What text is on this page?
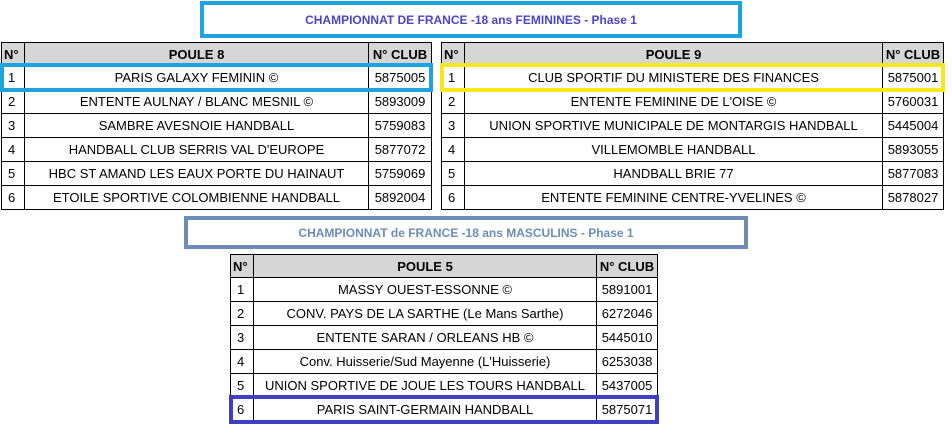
CHAMPIONNAT DE FRANCE -18 ans FEMININES - Phase 1
N°	POULE 8	N° CLUB
1	PARIS GALAXY FEMININ ©	5875005
2	ENTENTE AULNAY / BLANC MESNIL ©	5893009
3	SAMBRE AVESNOIE HANDBALL	5759083
4	HANDBALL CLUB SERRIS VAL D'EUROPE	5877072
5	HBC ST AMAND LES EAUX PORTE DU HAINAUT	5759069
6	ETOILE SPORTIVE COLOMBIENNE HANDBALL	5892004
N°	POULE 9	N° CLUB
1	CLUB SPORTIF DU MINISTERE DES FINANCES	5875001
2	ENTENTE FEMININE DE L'OISE ©	5760031
3	UNION SPORTIVE MUNICIPALE DE MONTARGIS HANDBALL	5445004
4	VILLEMOMBLE HANDBALL	5893055
5	HANDBALL BRIE 77	5877083
6	ENTENTE FEMININE CENTRE-YVELINES ©	5878027
CHAMPIONNAT de FRANCE -18 ans MASCULINS - Phase 1
N°	POULE 5	N° CLUB
1	MASSY OUEST-ESSONNE ©	5891001
2	CONV. PAYS DE LA SARTHE (Le Mans Sarthe)	6272046
3	ENTENTE SARAN / ORLEANS HB ©	5445010
4	Conv. Huisserie/Sud Mayenne (L'Huisserie)	6253038
5	UNION SPORTIVE DE JOUE LES TOURS HANDBALL	5437005
6	PARIS SAINT-GERMAIN HANDBALL	5875071
